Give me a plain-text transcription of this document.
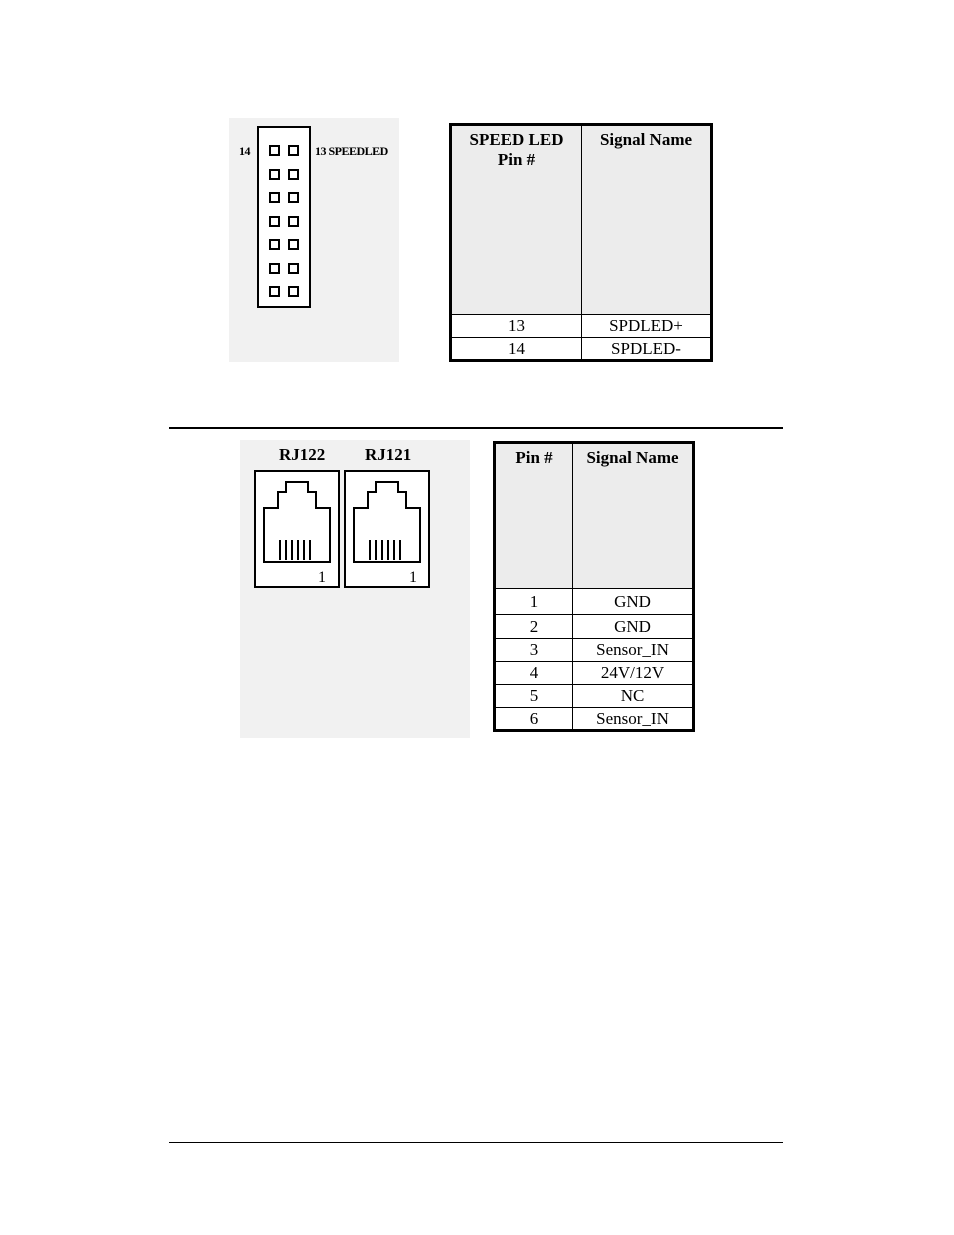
14	13 SPEEDLED
SPEED LED Pin #	Signal Name
13	SPDLED+
14	SPDLED-
RJ122 RJ121
1	1
Pin #	Signal Name
1	GND
2	GND
3	Sensor_IN
4	24V/12V
5	NC
6	Sensor_IN
